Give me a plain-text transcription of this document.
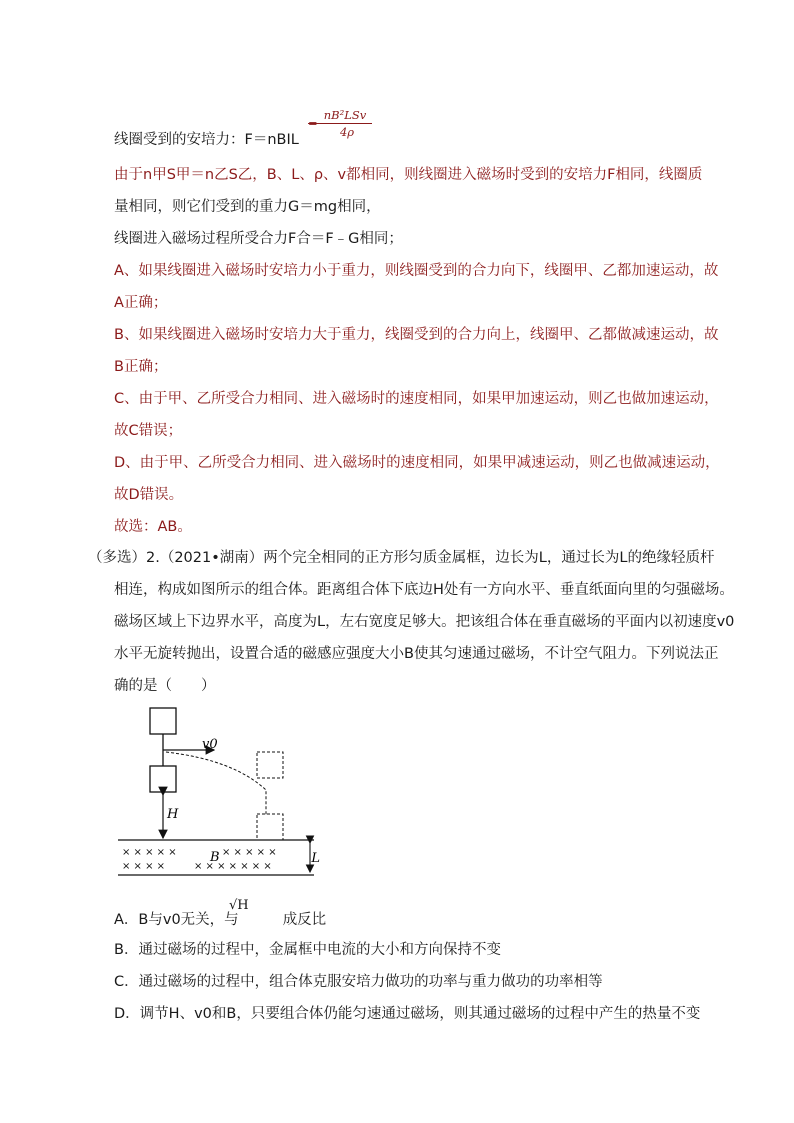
=
nB²LSv
4ρ
线圈受到的安培力：F＝nBIL
由于n甲S甲＝n乙S乙，B、L、ρ、v都相同，则线圈进入磁场时受到的安培力F相同，线圈质
量相同，则它们受到的重力G＝mg相同，
线圈进入磁场过程所受合力F合＝F﹣G相同；
A、如果线圈进入磁场时安培力小于重力，则线圈受到的合力向下，线圈甲、乙都加速运动，故
A正确；
B、如果线圈进入磁场时安培力大于重力，线圈受到的合力向上，线圈甲、乙都做减速运动，故
B正确；
C、由于甲、乙所受合力相同、进入磁场时的速度相同，如果甲加速运动，则乙也做加速运动，
故C错误；
D、由于甲、乙所受合力相同、进入磁场时的速度相同，如果甲减速运动，则乙也做减速运动，
故D错误。
故选：AB。
（多选）2.（2021•湖南）两个完全相同的正方形匀质金属框，边长为L，通过长为L的绝缘轻质杆
相连，构成如图所示的组合体。距离组合体下底边H处有一方向水平、垂直纸面向里的匀强磁场。
磁场区域上下边界水平，高度为L，左右宽度足够大。把该组合体在垂直磁场的平面内以初速度v0
水平无旋转抛出，设置合适的磁感应强度大小B使其匀速通过磁场，不计空气阻力。下列说法正
确的是（　　）
× × × × ×	× × × × ×
× × × ×	× × × × × × ×
v0
H
B	L
A．B与v0无关，与	成反比
√H
B．通过磁场的过程中，金属框中电流的大小和方向保持不变
C．通过磁场的过程中，组合体克服安培力做功的功率与重力做功的功率相等
D．调节H、v0和B，只要组合体仍能匀速通过磁场，则其通过磁场的过程中产生的热量不变
